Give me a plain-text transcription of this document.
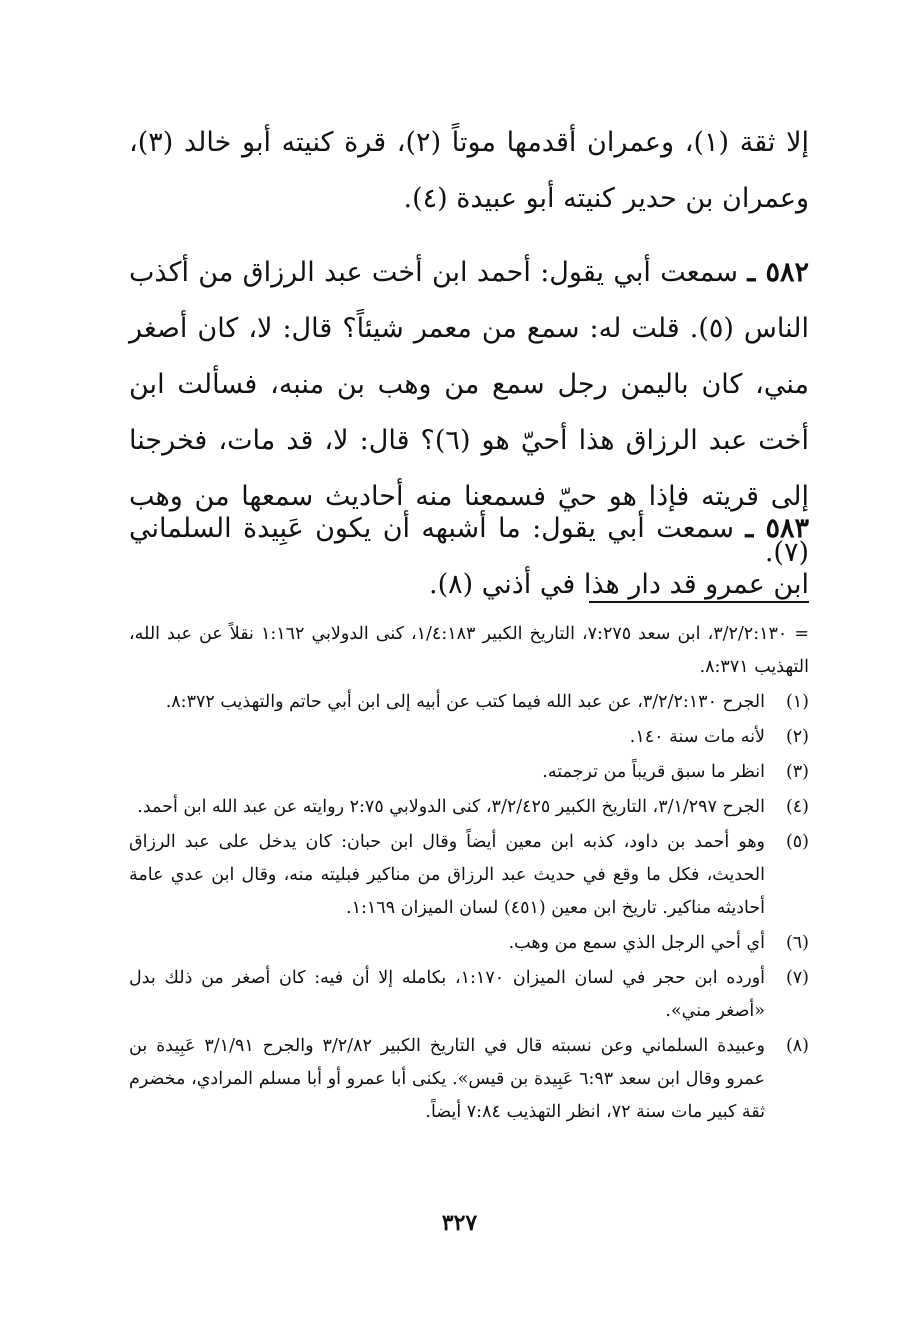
إلا ثقة (١)، وعمران أقدمها موتاً (٢)، قرة كنيته أبو خالد (٣)، وعمران بن حدير كنيته أبو عبيدة (٤).

٥٨٢ ـ سمعت أبي يقول: أحمد ابن أخت عبد الرزاق من أكذب الناس (٥). قلت له: سمع من معمر شيئاً؟ قال: لا، كان أصغر مني، كان باليمن رجل سمع من وهب بن منبه، فسألت ابن أخت عبد الرزاق هذا أحيّ هو (٦)؟ قال: لا، قد مات، فخرجنا إلى قريته فإذا هو حيّ فسمعنا منه أحاديث سمعها من وهب (٧).

٥٨٣ ـ سمعت أبي يقول: ما أشبهه أن يكون عَبِيدة السلماني ابن عمرو قد دار هذا في أذني (٨).

= ٣/٢/٢:١٣٠، ابن سعد ٧:٢٧٥، التاريخ الكبير ١/٤:١٨٣، كنى الدولابي ١:١٦٢ نقلاً عن عبد الله، التهذيب ٨:٣٧١.
(١)
الجرح ٣/٢/٢:١٣٠، عن عبد الله فيما كتب عن أبيه إلى ابن أبي حاتم والتهذيب ٨:٣٧٢.
(٢)
لأنه مات سنة ١٤٠.
(٣)
انظر ما سبق قريباً من ترجمته.
(٤)
الجرح ٣/١/٢٩٧، التاريخ الكبير ٣/٢/٤٢٥، كنى الدولابي ٢:٧٥ روايته عن عبد الله ابن أحمد.
(٥)
وهو أحمد بن داود، كذبه ابن معين أيضاً وقال ابن حبان: كان يدخل على عبد الرزاق الحديث، فكل ما وقع في حديث عبد الرزاق من مناكير فبليته منه، وقال ابن عدي عامة أحاديثه مناكير. تاريخ ابن معين (٤٥١) لسان الميزان ١:١٦٩.
(٦)
أي أحي الرجل الذي سمع من وهب.
(٧)
أورده ابن حجر في لسان الميزان ١:١٧٠، بكامله إلا أن فيه: كان أصغر من ذلك بدل «أصغر مني».
(٨)
وعبيدة السلماني وعن نسبته قال في التاريخ الكبير ٣/٢/٨٢ والجرح ٣/١/٩١ عَبِيدة بن عمرو وقال ابن سعد ٦:٩٣ عَبِيدة بن قيس». يكنى أبا عمرو أو أبا مسلم المرادي، مخضرم ثقة كبير مات سنة ٧٢، انظر التهذيب ٧:٨٤ أيضاً.
٣٢٧
